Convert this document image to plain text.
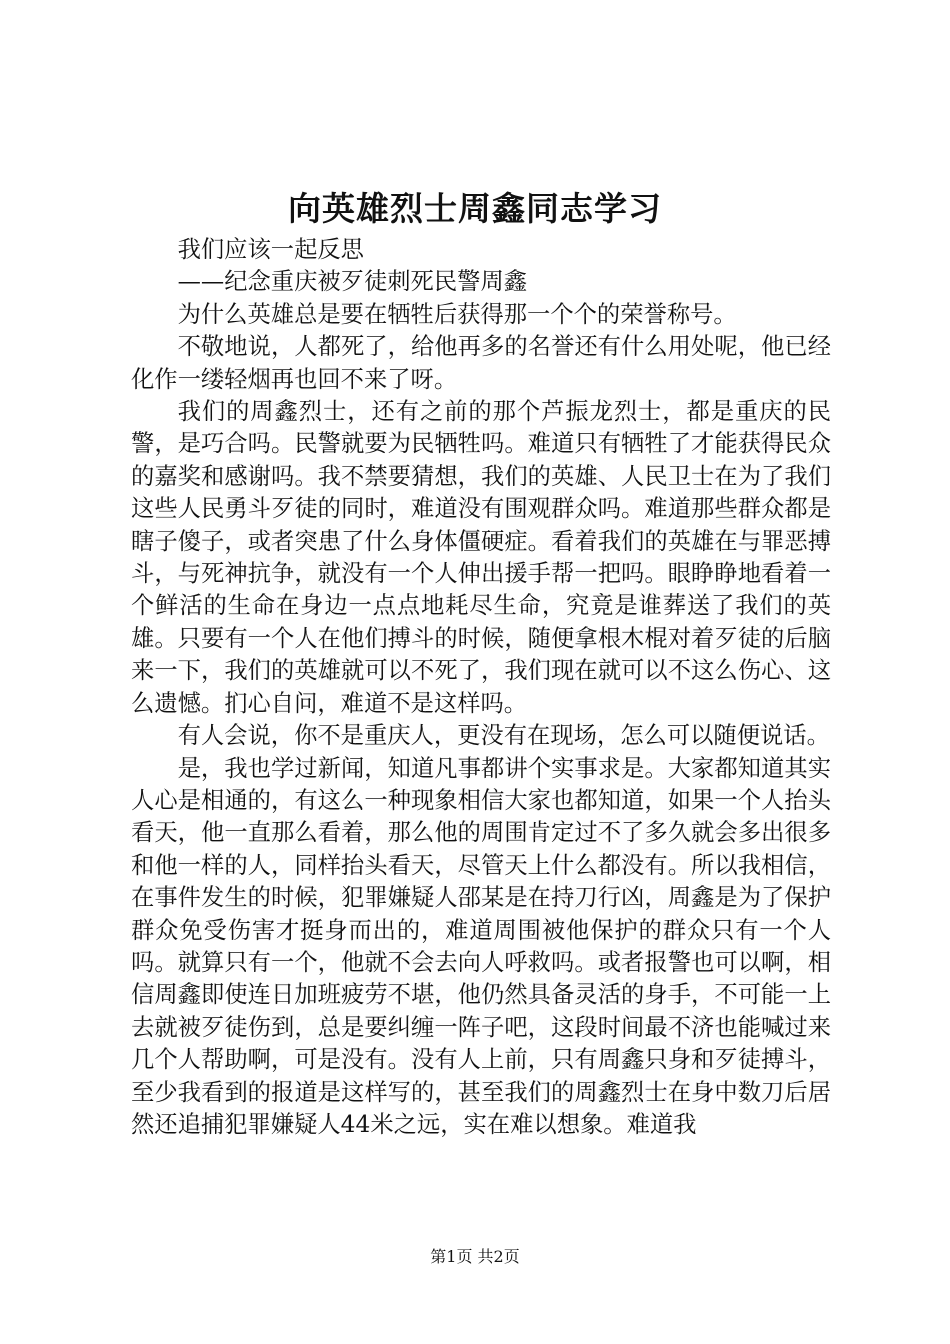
向英雄烈士周鑫同志学习

我们应该一起反思

——纪念重庆被歹徒刺死民警周鑫

为什么英雄总是要在牺牲后获得那一个个的荣誉称号。

不敬地说，人都死了，给他再多的名誉还有什么用处呢，他已经化作一缕轻烟再也回不来了呀。

我们的周鑫烈士，还有之前的那个芦振龙烈士，都是重庆的民警，是巧合吗。民警就要为民牺牲吗。难道只有牺牲了才能获得民众的嘉奖和感谢吗。我不禁要猜想，我们的英雄、人民卫士在为了我们这些人民勇斗歹徒的同时，难道没有围观群众吗。难道那些群众都是瞎子傻子，或者突患了什么身体僵硬症。看着我们的英雄在与罪恶搏斗，与死神抗争，就没有一个人伸出援手帮一把吗。眼睁睁地看着一个鲜活的生命在身边一点点地耗尽生命，究竟是谁葬送了我们的英雄。只要有一个人在他们搏斗的时候，随便拿根木棍对着歹徒的后脑来一下，我们的英雄就可以不死了，我们现在就可以不这么伤心、这么遗憾。扪心自问，难道不是这样吗。

有人会说，你不是重庆人，更没有在现场，怎么可以随便说话。

是，我也学过新闻，知道凡事都讲个实事求是。大家都知道其实人心是相通的，有这么一种现象相信大家也都知道，如果一个人抬头看天，他一直那么看着，那么他的周围肯定过不了多久就会多出很多和他一样的人，同样抬头看天，尽管天上什么都没有。所以我相信，在事件发生的时候，犯罪嫌疑人邵某是在持刀行凶，周鑫是为了保护群众免受伤害才挺身而出的，难道周围被他保护的群众只有一个人吗。就算只有一个，他就不会去向人呼救吗。或者报警也可以啊，相信周鑫即使连日加班疲劳不堪，他仍然具备灵活的身手，不可能一上去就被歹徒伤到，总是要纠缠一阵子吧，这段时间最不济也能喊过来几个人帮助啊，可是没有。没有人上前，只有周鑫只身和歹徒搏斗，至少我看到的报道是这样写的，甚至我们的周鑫烈士在身中数刀后居然还追捕犯罪嫌疑人44米之远，实在难以想象。难道我

第1页 共2页
